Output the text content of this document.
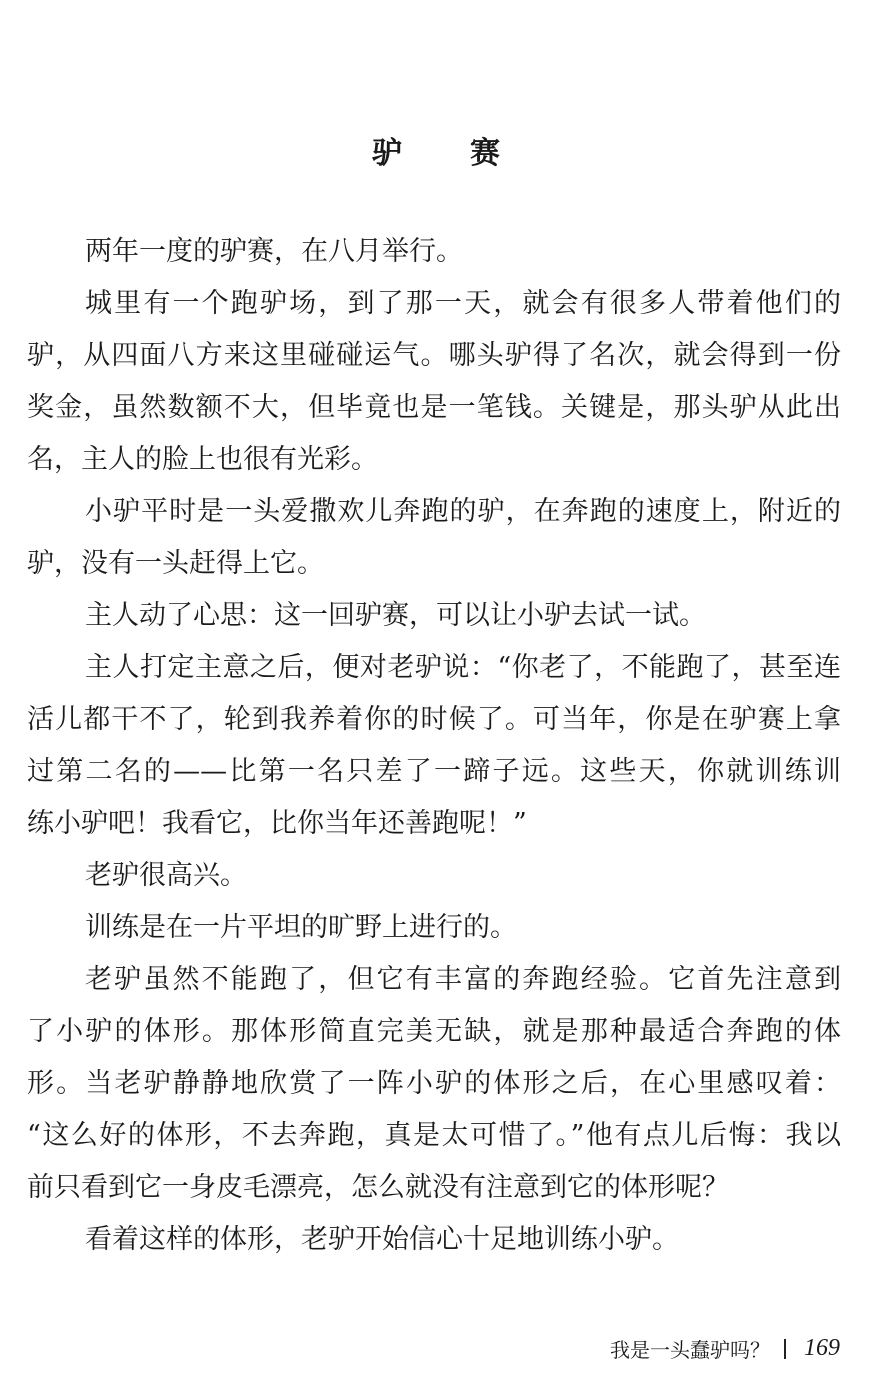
驴 赛
两年一度的驴赛，在八月举行。
城里有一个跑驴场，到了那一天，就会有很多人带着他们的
驴，从四面八方来这里碰碰运气。哪头驴得了名次，就会得到一份
奖金，虽然数额不大，但毕竟也是一笔钱。关键是，那头驴从此出
名，主人的脸上也很有光彩。
小驴平时是一头爱撒欢儿奔跑的驴，在奔跑的速度上，附近的
驴，没有一头赶得上它。
主人动了心思：这一回驴赛，可以让小驴去试一试。
主人打定主意之后，便对老驴说：“你老了，不能跑了，甚至连
活儿都干不了，轮到我养着你的时候了。可当年，你是在驴赛上拿
过第二名的——比第一名只差了一蹄子远。这些天，你就训练训
练小驴吧！我看它，比你当年还善跑呢！”
老驴很高兴。
训练是在一片平坦的旷野上进行的。
老驴虽然不能跑了，但它有丰富的奔跑经验。它首先注意到
了小驴的体形。那体形简直完美无缺，就是那种最适合奔跑的体
形。当老驴静静地欣赏了一阵小驴的体形之后，在心里感叹着：
“这么好的体形，不去奔跑，真是太可惜了。”他有点儿后悔：我以
前只看到它一身皮毛漂亮，怎么就没有注意到它的体形呢？
看着这样的体形，老驴开始信心十足地训练小驴。
我是一头蠢驴吗？ 169
